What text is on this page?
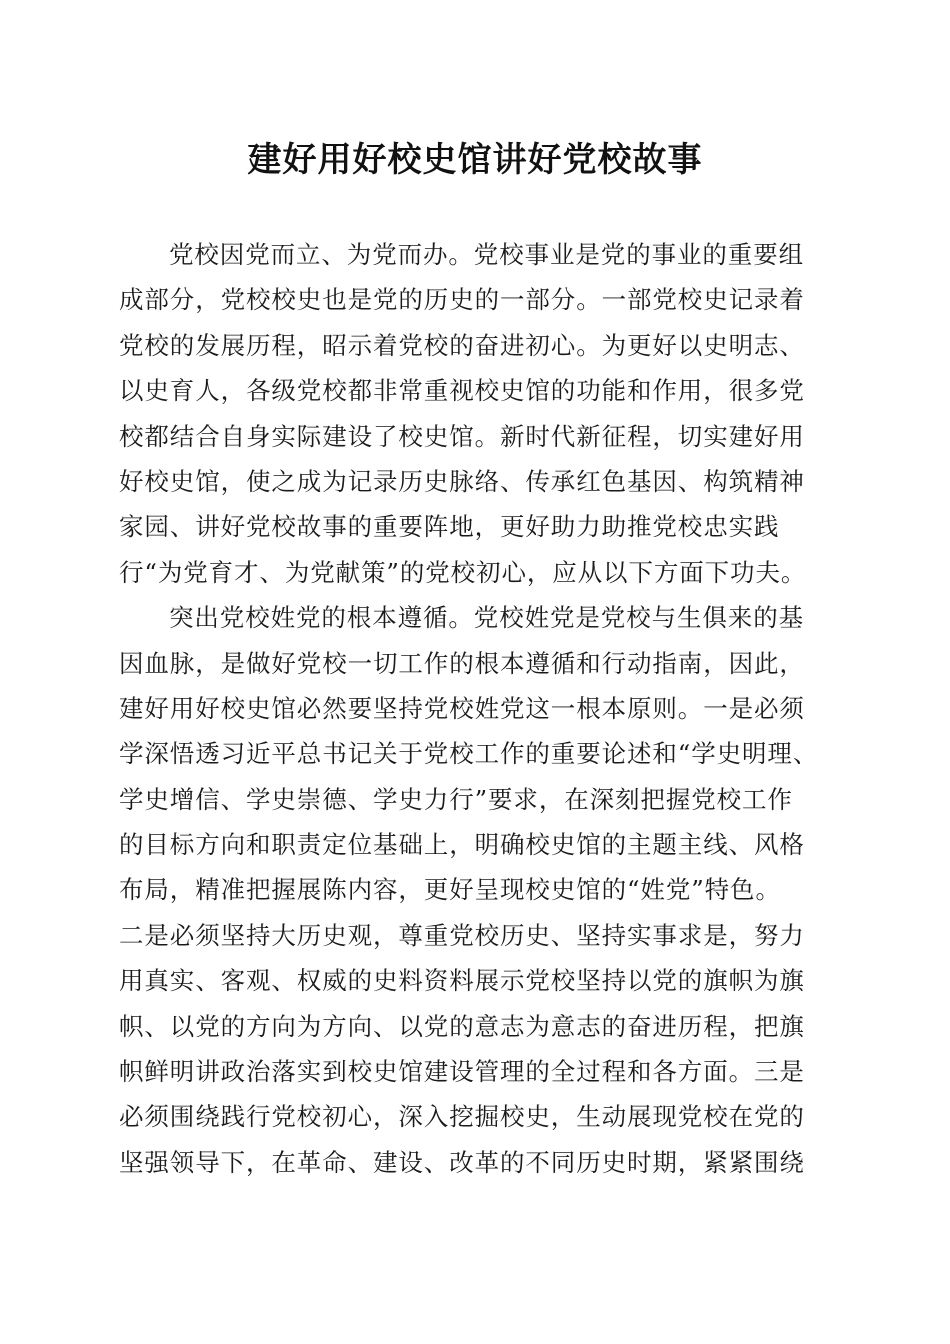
建好用好校史馆讲好党校故事
党校因党而立、为党而办。党校事业是党的事业的重要组
成部分，党校校史也是党的历史的一部分。一部党校史记录着
党校的发展历程，昭示着党校的奋进初心。为更好以史明志、
以史育人，各级党校都非常重视校史馆的功能和作用，很多党
校都结合自身实际建设了校史馆。新时代新征程，切实建好用
好校史馆，使之成为记录历史脉络、传承红色基因、构筑精神
家园、讲好党校故事的重要阵地，更好助力助推党校忠实践
行“为党育才、为党献策”的党校初心，应从以下方面下功夫。
突出党校姓党的根本遵循。党校姓党是党校与生俱来的基
因血脉，是做好党校一切工作的根本遵循和行动指南，因此，
建好用好校史馆必然要坚持党校姓党这一根本原则。一是必须
学深悟透习近平总书记关于党校工作的重要论述和“学史明理、
学史增信、学史崇德、学史力行”要求，在深刻把握党校工作
的目标方向和职责定位基础上，明确校史馆的主题主线、风格
布局，精准把握展陈内容，更好呈现校史馆的“姓党”特色。
二是必须坚持大历史观，尊重党校历史、坚持实事求是，努力
用真实、客观、权威的史料资料展示党校坚持以党的旗帜为旗
帜、以党的方向为方向、以党的意志为意志的奋进历程，把旗
帜鲜明讲政治落实到校史馆建设管理的全过程和各方面。三是
必须围绕践行党校初心，深入挖掘校史，生动展现党校在党的
坚强领导下，在革命、建设、改革的不同历史时期，紧紧围绕
